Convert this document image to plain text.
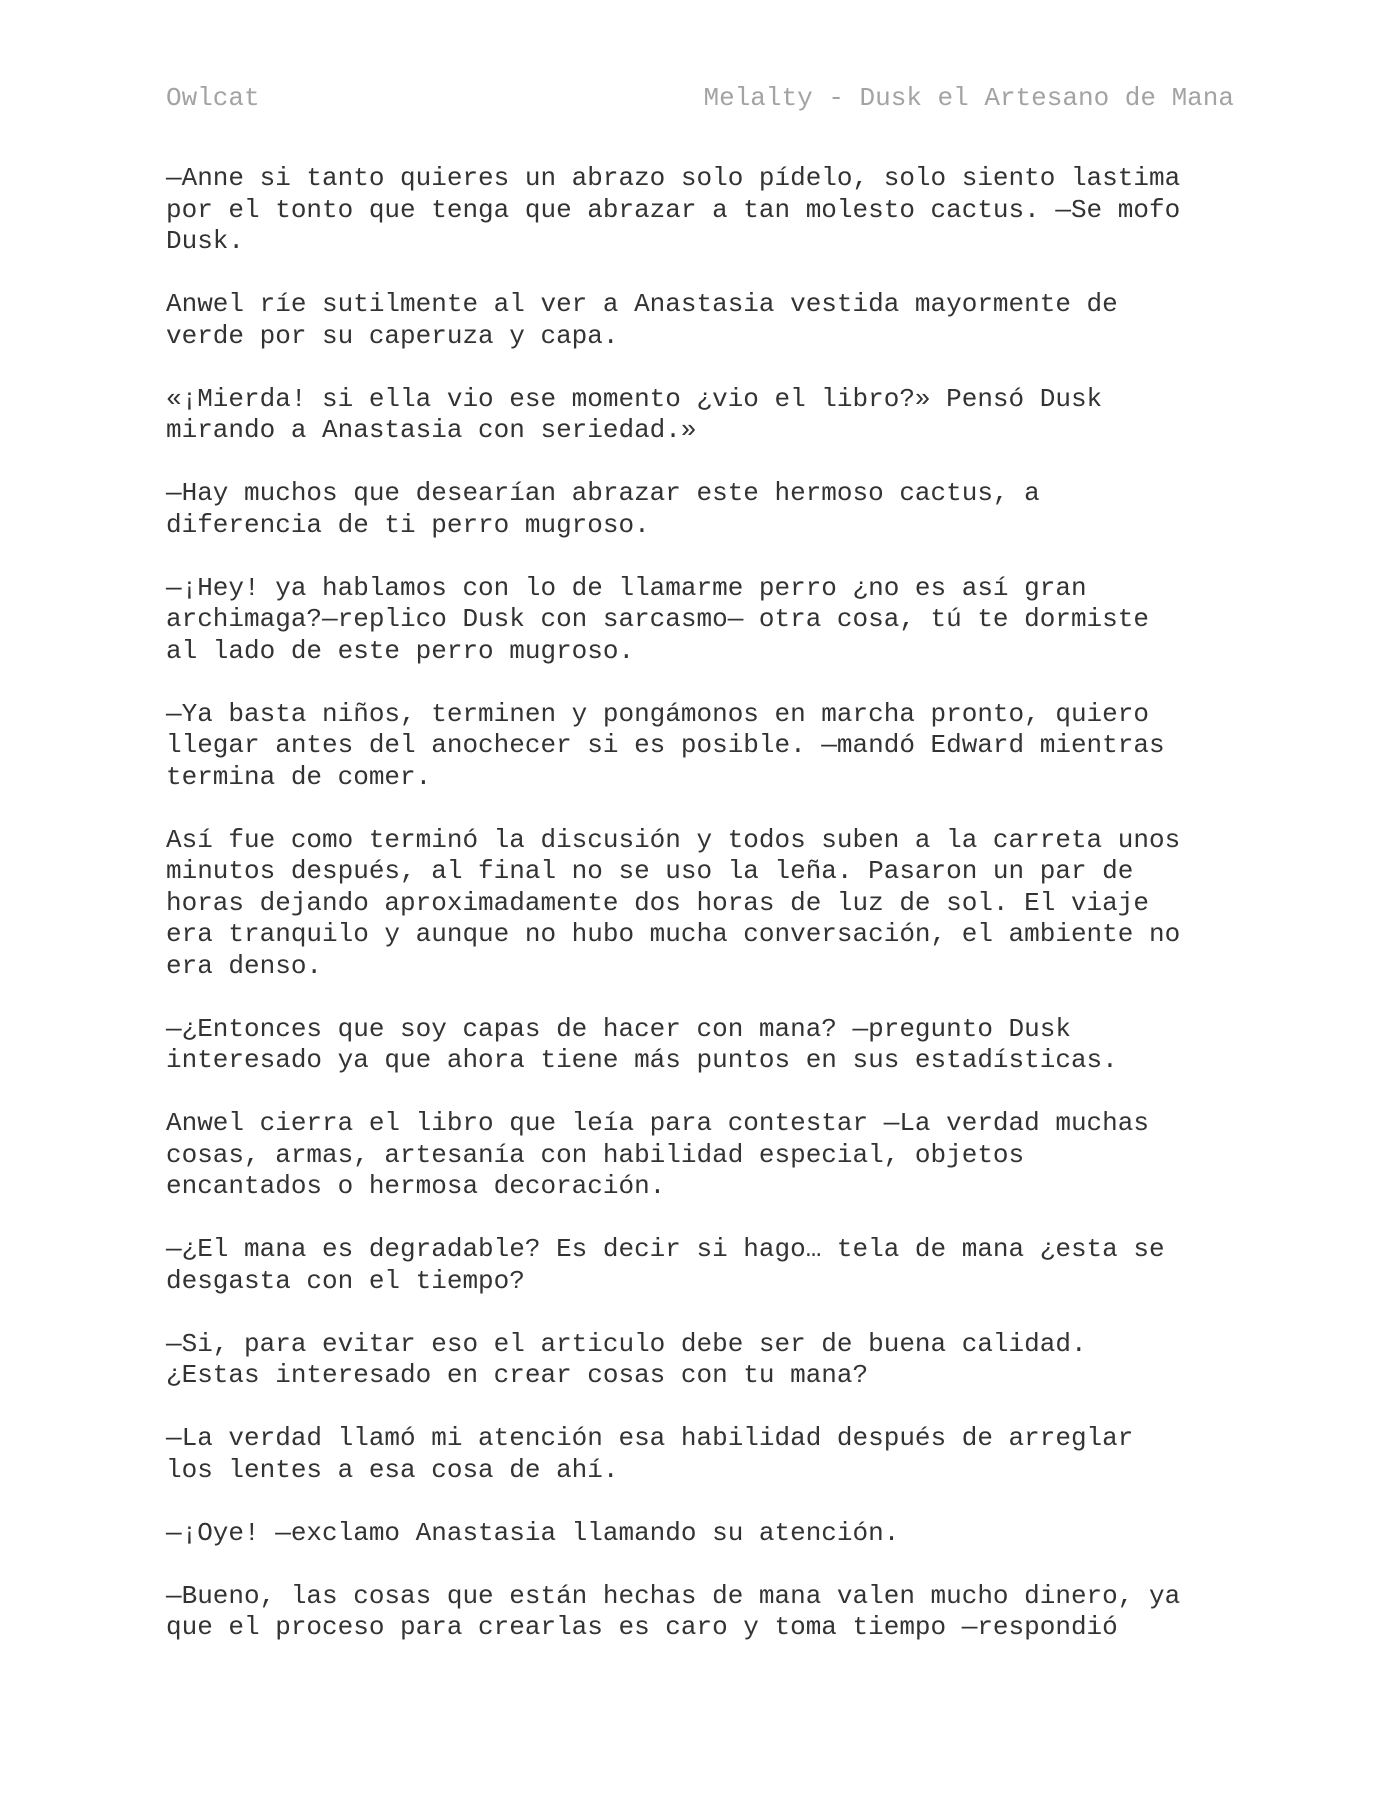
Owlcat	Melalty - Dusk el Artesano de Mana

—Anne si tanto quieres un abrazo solo pídelo, solo siento lastima
por el tonto que tenga que abrazar a tan molesto cactus. —Se mofo
Dusk.

Anwel ríe sutilmente al ver a Anastasia vestida mayormente de
verde por su caperuza y capa.

«¡Mierda! si ella vio ese momento ¿vio el libro?» Pensó Dusk
mirando a Anastasia con seriedad.»

—Hay muchos que desearían abrazar este hermoso cactus, a
diferencia de ti perro mugroso.

—¡Hey! ya hablamos con lo de llamarme perro ¿no es así gran
archimaga?—replico Dusk con sarcasmo— otra cosa, tú te dormiste
al lado de este perro mugroso.

—Ya basta niños, terminen y pongámonos en marcha pronto, quiero
llegar antes del anochecer si es posible. —mandó Edward mientras
termina de comer.

Así fue como terminó la discusión y todos suben a la carreta unos
minutos después, al final no se uso la leña. Pasaron un par de
horas dejando aproximadamente dos horas de luz de sol. El viaje
era tranquilo y aunque no hubo mucha conversación, el ambiente no
era denso.

—¿Entonces que soy capas de hacer con mana? —pregunto Dusk
interesado ya que ahora tiene más puntos en sus estadísticas.

Anwel cierra el libro que leía para contestar —La verdad muchas
cosas, armas, artesanía con habilidad especial, objetos
encantados o hermosa decoración.

—¿El mana es degradable? Es decir si hago… tela de mana ¿esta se
desgasta con el tiempo?

—Si, para evitar eso el articulo debe ser de buena calidad.
¿Estas interesado en crear cosas con tu mana?

—La verdad llamó mi atención esa habilidad después de arreglar
los lentes a esa cosa de ahí.

—¡Oye! —exclamo Anastasia llamando su atención.

—Bueno, las cosas que están hechas de mana valen mucho dinero, ya
que el proceso para crearlas es caro y toma tiempo —respondió
